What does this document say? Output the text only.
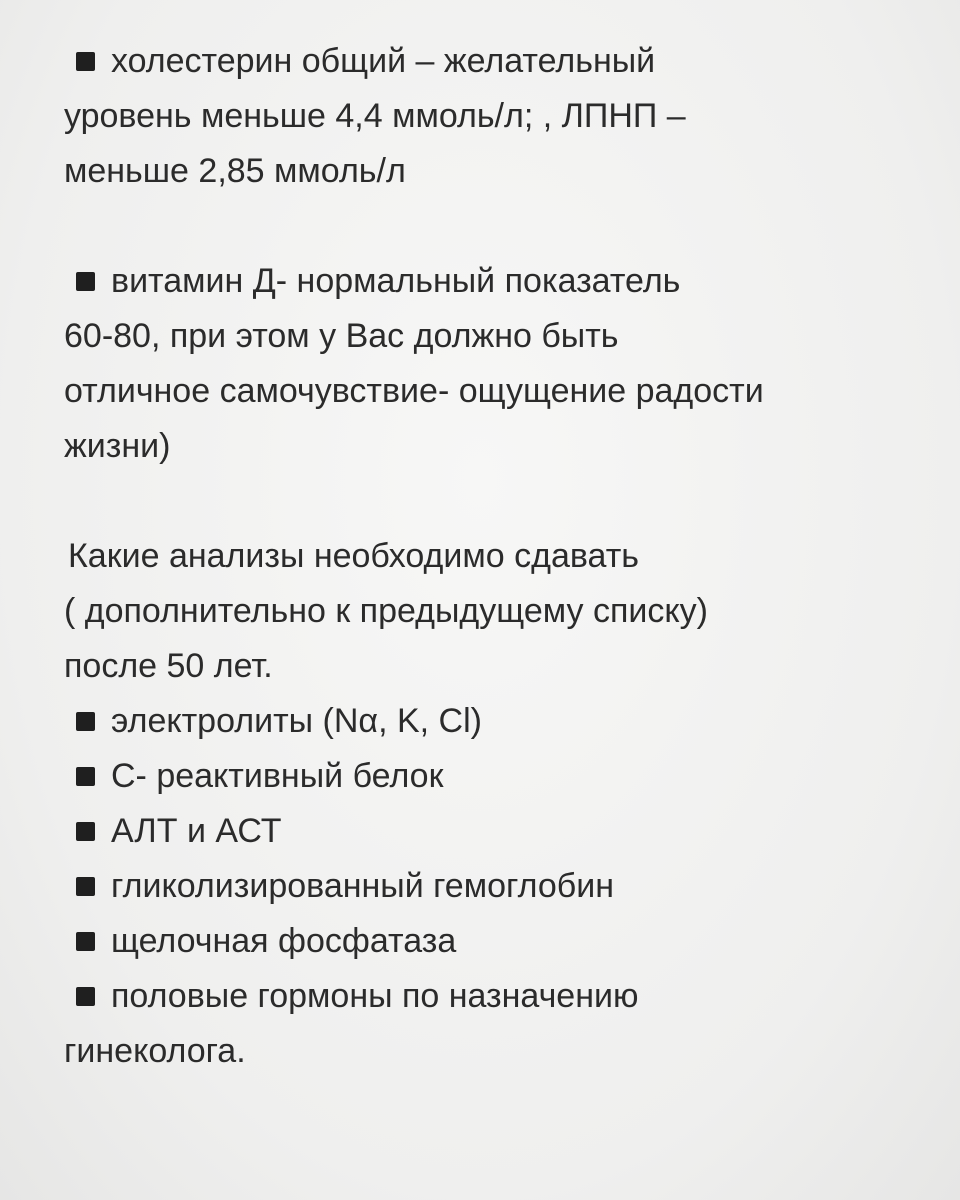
холестерин общий – желательный
уровень меньше 4,4 ммоль/л; , ЛПНП –
меньше 2,85 ммоль/л
витамин Д- нормальный показатель
60-80, при этом у Вас должно быть
отличное самочувствие- ощущение радости
жизни)
Какие анализы необходимо сдавать
( дополнительно к предыдущему списку)
после 50 лет.
электролиты (Nα, K, Cl)
С- реактивный белок
АЛТ и АСТ
гликолизированный гемоглобин
щелочная фосфатаза
половые гормоны по назначению
гинеколога.
